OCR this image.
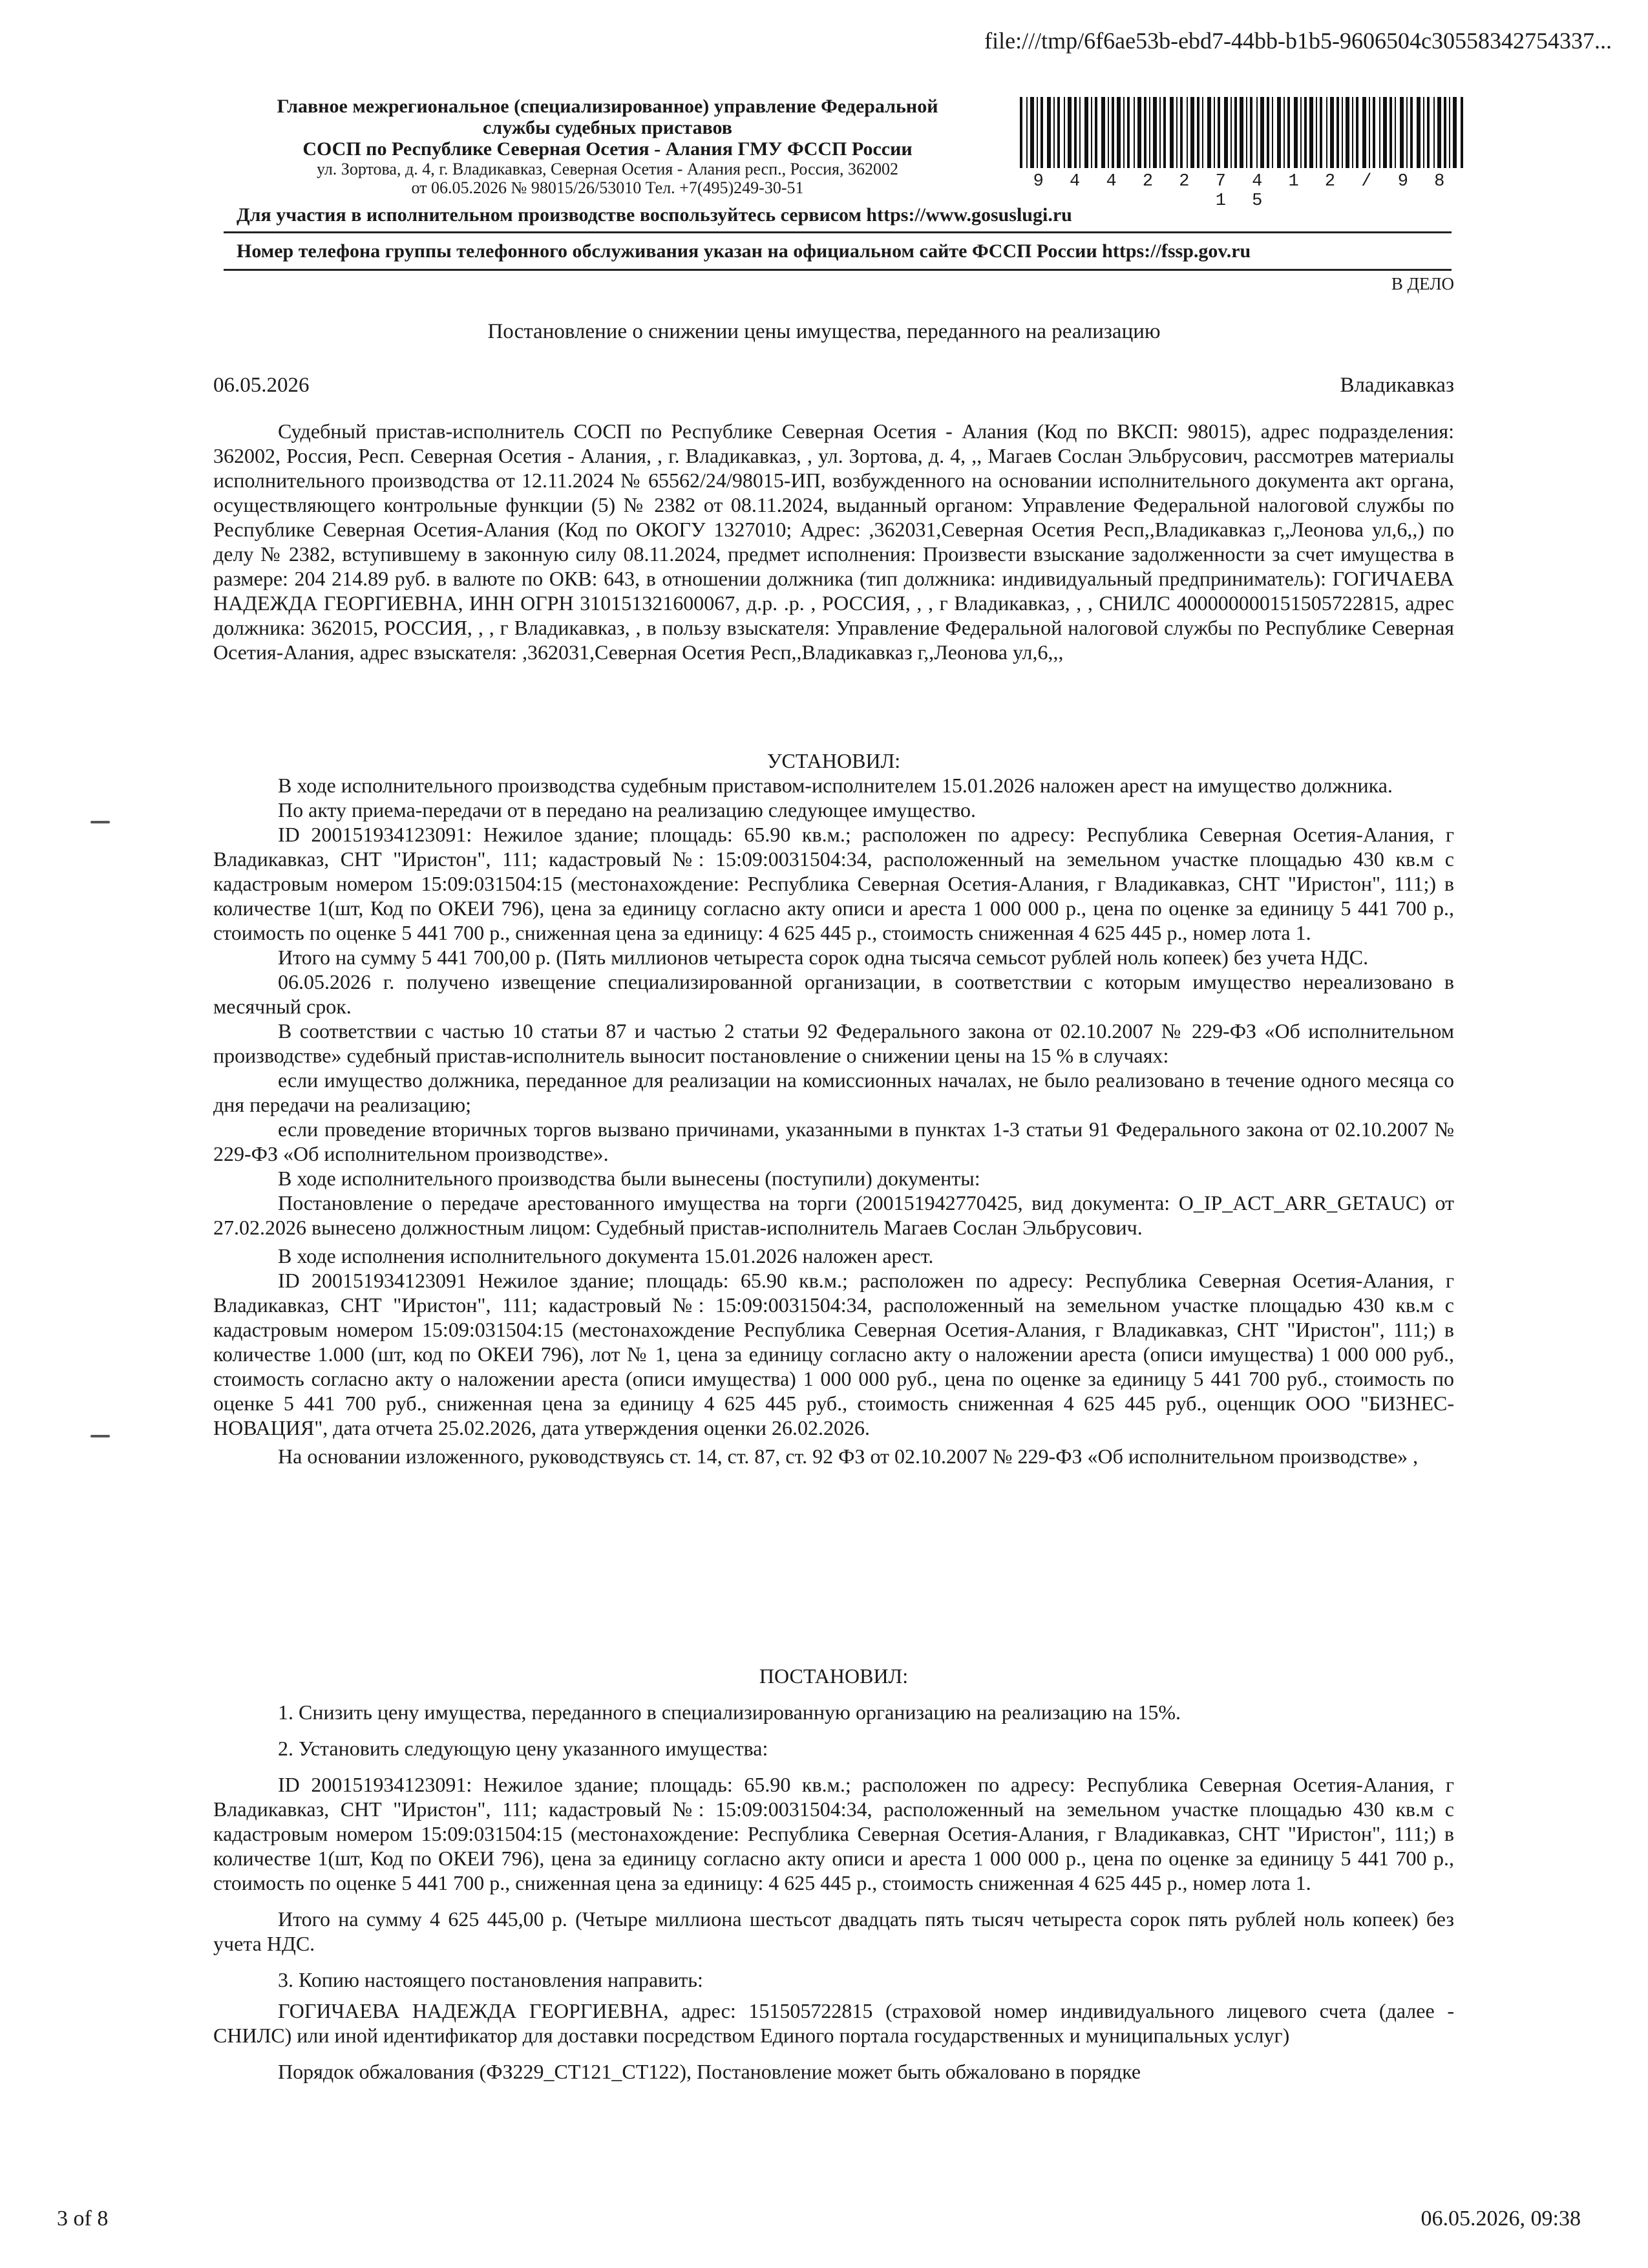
file:///tmp/6f6ae53b-ebd7-44bb-b1b5-9606504c30558342754337...
Главное межрегиональное (специализированное) управление Федеральной
службы судебных приставов
СОСП по Республике Северная Осетия - Алания ГМУ ФССП России
ул. Зортова, д. 4, г. Владикавказ, Северная Осетия - Алания респ., Россия, 362002
от 06.05.2026 № 98015/26/53010 Тел. +7(495)249-30-51	9 4 4 2 2 7 4 1 2 / 9 8 1 5
Для участия в исполнительном производстве воспользуйтесь сервисом https://www.gosuslugi.ru
Номер телефона группы телефонного обслуживания указан на официальном сайте ФССП России https://fssp.gov.ru
В ДЕЛО
Постановление о снижении цены имущества, переданного на реализацию
06.05.2026	Владикавказ

Судебный пристав-исполнитель СОСП по Республике Северная Осетия - Алания (Код по ВКСП: 98015), адрес подразделения: 362002, Россия, Респ. Северная Осетия - Алания, , г. Владикавказ, , ул. Зортова, д. 4, ,, Магаев Сослан Эльбрусович, рассмотрев материалы исполнительного производства от 12.11.2024 № 65562/24/98015-ИП, возбужденного на основании исполнительного документа акт органа, осуществляющего контрольные функции (5) № 2382 от 08.11.2024, выданный органом: Управление Федеральной налоговой службы по Республике Северная Осетия-Алания (Код по ОКОГУ 1327010; Адрес: ,362031,Северная Осетия Респ,,Владикавказ г,,Леонова ул,6,,) по делу № 2382, вступившему в законную силу 08.11.2024, предмет исполнения: Произвести взыскание задолженности за счет имущества в размере: 204 214.89 руб. в валюте по ОКВ: 643, в отношении должника (тип должника: индивидуальный предприниматель): ГОГИЧАЕВА НАДЕЖДА ГЕОРГИЕВНА, ИНН ОГРН 310151321600067, д.р. .р. , РОССИЯ, , , г Владикавказ, , , СНИЛС 400000000151505722815, адрес должника: 362015, РОССИЯ, , , г Владикавказ, , в пользу взыскателя: Управление Федеральной налоговой службы по Республике Северная Осетия-Алания, адрес взыскателя: ,362031,Северная Осетия Респ,,Владикавказ г,,Леонова ул,6,,,

УСТАНОВИЛ:

В ходе исполнительного производства судебным приставом-исполнителем 15.01.2026 наложен арест на имущество должника.

По акту приема-передачи от в передано на реализацию следующее имущество.

ID 200151934123091: Нежилое здание; площадь: 65.90 кв.м.; расположен по адресу: Республика Северная Осетия-Алания, г Владикавказ, СНТ "Иристон", 111; кадастровый №: 15:09:0031504:34, расположенный на земельном участке площадью 430 кв.м с кадастровым номером 15:09:031504:15 (местонахождение: Республика Северная Осетия-Алания, г Владикавказ, СНТ "Иристон", 111;) в количестве 1(шт, Код по ОКЕИ 796), цена за единицу согласно акту описи и ареста 1 000 000 р., цена по оценке за единицу 5 441 700 р., стоимость по оценке 5 441 700 р., сниженная цена за единицу: 4 625 445 р., стоимость сниженная 4 625 445 р., номер лота 1.

Итого на сумму 5 441 700,00 р. (Пять миллионов четыреста сорок одна тысяча семьсот рублей ноль копеек) без учета НДС.

06.05.2026 г. получено извещение специализированной организации, в соответствии с которым имущество нереализовано в месячный срок.

В соответствии с частью 10 статьи 87 и частью 2 статьи 92 Федерального закона от 02.10.2007 № 229-ФЗ «Об исполнительном производстве» судебный пристав-исполнитель выносит постановление о снижении цены на 15 % в случаях:

если имущество должника, переданное для реализации на комиссионных началах, не было реализовано в течение одного месяца со дня передачи на реализацию;

если проведение вторичных торгов вызвано причинами, указанными в пунктах 1-3 статьи 91 Федерального закона от 02.10.2007 № 229-ФЗ «Об исполнительном производстве».

В ходе исполнительного производства были вынесены (поступили) документы:

Постановление о передаче арестованного имущества на торги (200151942770425, вид документа: O_IP_ACT_ARR_GETAUC) от 27.02.2026 вынесено должностным лицом: Судебный пристав-исполнитель Магаев Сослан Эльбрусович.

В ходе исполнения исполнительного документа 15.01.2026 наложен арест.

ID 200151934123091 Нежилое здание; площадь: 65.90 кв.м.; расположен по адресу: Республика Северная Осетия-Алания, г Владикавказ, СНТ "Иристон", 111; кадастровый №: 15:09:0031504:34, расположенный на земельном участке площадью 430 кв.м с кадастровым номером 15:09:031504:15 (местонахождение Республика Северная Осетия-Алания, г Владикавказ, СНТ "Иристон", 111;) в количестве 1.000 (шт, код по ОКЕИ 796), лот № 1, цена за единицу согласно акту о наложении ареста (описи имущества) 1 000 000 руб., стоимость согласно акту о наложении ареста (описи имущества) 1 000 000 руб., цена по оценке за единицу 5 441 700 руб., стоимость по оценке 5 441 700 руб., сниженная цена за единицу 4 625 445 руб., стоимость сниженная 4 625 445 руб., оценщик ООО "БИЗНЕС-НОВАЦИЯ", дата отчета 25.02.2026, дата утверждения оценки 26.02.2026.

На основании изложенного, руководствуясь ст. 14, ст. 87, ст. 92 ФЗ от 02.10.2007 № 229-ФЗ «Об исполнительном производстве» ,

ПОСТАНОВИЛ:

1. Снизить цену имущества, переданного в специализированную организацию на реализацию на 15%.

2. Установить следующую цену указанного имущества:

ID 200151934123091: Нежилое здание; площадь: 65.90 кв.м.; расположен по адресу: Республика Северная Осетия-Алания, г Владикавказ, СНТ "Иристон", 111; кадастровый №: 15:09:0031504:34, расположенный на земельном участке площадью 430 кв.м с кадастровым номером 15:09:031504:15 (местонахождение: Республика Северная Осетия-Алания, г Владикавказ, СНТ "Иристон", 111;) в количестве 1(шт, Код по ОКЕИ 796), цена за единицу согласно акту описи и ареста 1 000 000 р., цена по оценке за единицу 5 441 700 р., стоимость по оценке 5 441 700 р., сниженная цена за единицу: 4 625 445 р., стоимость сниженная 4 625 445 р., номер лота 1.

Итого на сумму 4 625 445,00 р. (Четыре миллиона шестьсот двадцать пять тысяч четыреста сорок пять рублей ноль копеек) без учета НДС.

3. Копию настоящего постановления направить:

ГОГИЧАЕВА НАДЕЖДА ГЕОРГИЕВНА, адрес: 151505722815 (страховой номер индивидуального лицевого счета (далее - СНИЛС) или иной идентификатор для доставки посредством Единого портала государственных и муниципальных услуг)

Порядок обжалования (ФЗ229_СТ121_СТ122), Постановление может быть обжаловано в порядке

3 of 8	06.05.2026, 09:38
